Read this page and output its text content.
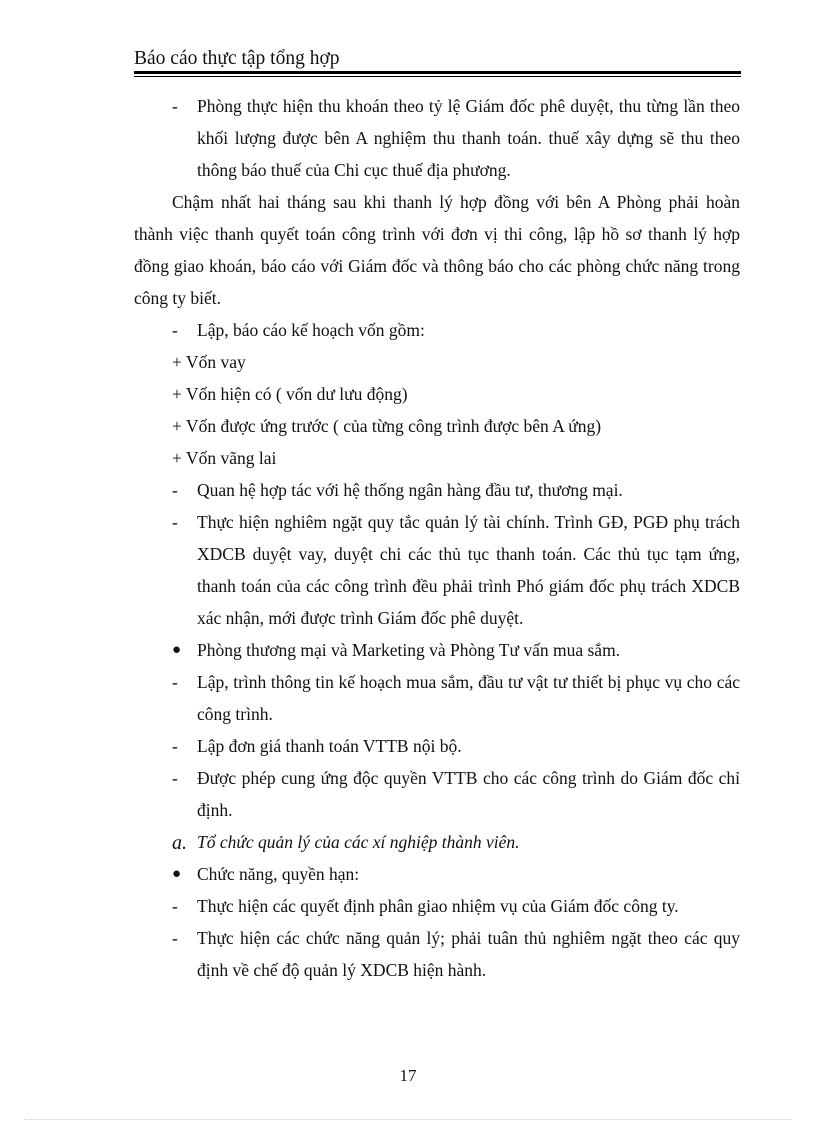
Báo cáo thực tập tổng hợp
- Phòng thực hiện thu khoán theo tỷ lệ Giám đốc phê duyệt, thu từng lần theo khối lượng được bên A nghiệm thu thanh toán. thuế xây dựng sẽ thu theo thông báo thuế của Chi cục thuế địa phương.
Chậm nhất hai tháng sau khi thanh lý hợp đồng với bên A Phòng phải hoàn thành việc thanh quyết toán công trình với đơn vị thi công, lập hồ sơ thanh lý hợp đồng giao khoán, báo cáo với Giám đốc và thông báo cho các phòng chức năng trong công ty biết.
- Lập, báo cáo kế hoạch vốn gồm:
+ Vốn vay
+ Vốn hiện có ( vốn dư lưu động)
+ Vốn được ứng trước ( của từng công trình được bên A ứng)
+ Vốn vãng lai
- Quan hệ hợp tác với hệ thống ngân hàng đầu tư, thương mại.
- Thực hiện nghiêm ngặt quy tắc quản lý tài chính. Trình GĐ, PGĐ phụ trách XDCB duyệt vay, duyệt chi các thủ tục thanh toán. Các thủ tục tạm ứng, thanh toán của các công trình đều phải trình Phó giám đốc phụ trách XDCB xác nhận, mới được trình Giám đốc phê duyệt.
● Phòng thương mại và Marketing và Phòng Tư vấn mua sắm.
- Lập, trình thông tin kế hoạch mua sắm, đầu tư vật tư thiết bị phục vụ cho các công trình.
- Lập đơn giá thanh toán VTTB nội bộ.
- Được phép cung ứng độc quyền VTTB cho các công trình do Giám đốc chỉ định.
a. Tổ chức quản lý của các xí nghiệp thành viên.
● Chức năng, quyền hạn:
- Thực hiện các quyết định phân giao nhiệm vụ của Giám đốc công ty.
- Thực hiện các chức năng quản lý; phải tuân thủ nghiêm ngặt theo các quy định về chế độ quản lý XDCB hiện hành.
17
